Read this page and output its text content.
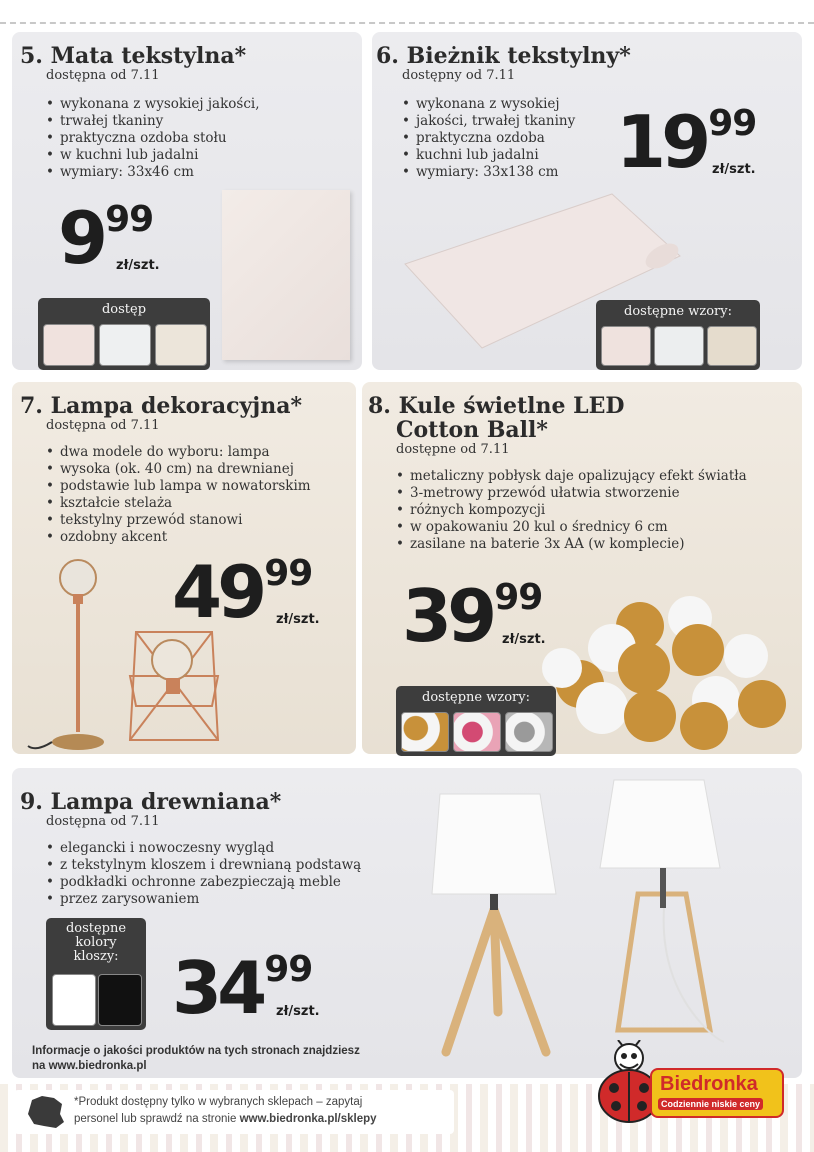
5. Mata tekstylna*
dostępna od 7.11
• wykonana z wysokiej jakości,
• trwałej tkaniny
• praktyczna ozdoba stołu
• w kuchni lub jadalni
• wymiary: 33x46 cm
999
zł/szt.
dostęp
6. Bieżnik tekstylny*
dostępny od 7.11
• wykonana z wysokiej
• jakości, trwałej tkaniny
• praktyczna ozdoba
• kuchni lub jadalni
• wymiary: 33x138 cm 1999
zł/szt.
dostępne wzory:
7. Lampa dekoracyjna*
dostępna od 7.11
• dwa modele do wyboru: lampa
• wysoka (ok. 40 cm) na drewnianej
• podstawie lub lampa w nowatorskim
• kształcie stelaża
• tekstylny przewód stanowi
• ozdobny akcent
4999
zł/szt.
8. Kule świetlne LED
Cotton Ball*
dostępne od 7.11
• metaliczny pobłysk daje opalizujący efekt światła
• 3-metrowy przewód ułatwia stworzenie
• różnych kompozycji
• w opakowaniu 20 kul o średnicy 6 cm
• zasilane na baterie 3x AA (w komplecie)
3999
zł/szt.
dostępne wzory:
9. Lampa drewniana*
dostępna od 7.11
• elegancki i nowoczesny wygląd
• z tekstylnym kloszem i drewnianą podstawą
• podkładki ochronne zabezpieczają meble
• przez zarysowaniem
dostępne
kolory
kloszy: 3499
zł/szt.
Informacje o jakości produktów na tych stronach znajdziesz
na www.biedronka.pl
*Produkt dostępny tylko w wybranych sklepach – zapytaj
personel lub sprawdź na stronie www.biedronka.pl/sklepy
Biedronka
Codziennie niskie ceny
